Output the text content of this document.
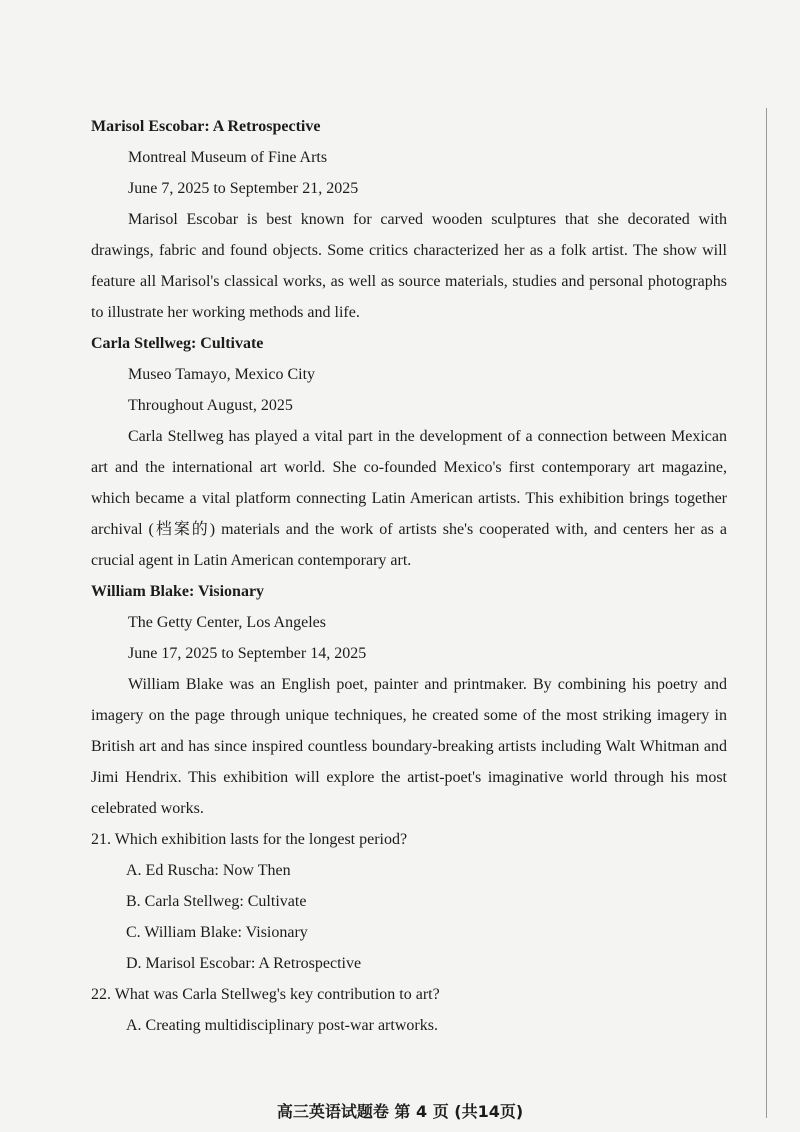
Marisol Escobar: A Retrospective

Montreal Museum of Fine Arts

June 7, 2025 to September 21, 2025

Marisol Escobar is best known for carved wooden sculptures that she decorated with drawings, fabric and found objects. Some critics characterized her as a folk artist. The show will feature all Marisol's classical works, as well as source materials, studies and personal photographs to illustrate her working methods and life.

Carla Stellweg: Cultivate

Museo Tamayo, Mexico City

Throughout August, 2025

Carla Stellweg has played a vital part in the development of a connection between Mexican art and the international art world. She co-founded Mexico's first contemporary art magazine, which became a vital platform connecting Latin American artists. This exhibition brings together archival (档案的) materials and the work of artists she's cooperated with, and centers her as a crucial agent in Latin American contemporary art.

William Blake: Visionary

The Getty Center, Los Angeles

June 17, 2025 to September 14, 2025

William Blake was an English poet, painter and printmaker. By combining his poetry and imagery on the page through unique techniques, he created some of the most striking imagery in British art and has since inspired countless boundary-breaking artists including Walt Whitman and Jimi Hendrix. This exhibition will explore the artist-poet's imaginative world through his most celebrated works.

21. Which exhibition lasts for the longest period?

A. Ed Ruscha: Now Then

B. Carla Stellweg: Cultivate

C. William Blake: Visionary

D. Marisol Escobar: A Retrospective

22. What was Carla Stellweg's key contribution to art?

A. Creating multidisciplinary post-war artworks.

高三英语试题卷 第 4 页 (共14页)
